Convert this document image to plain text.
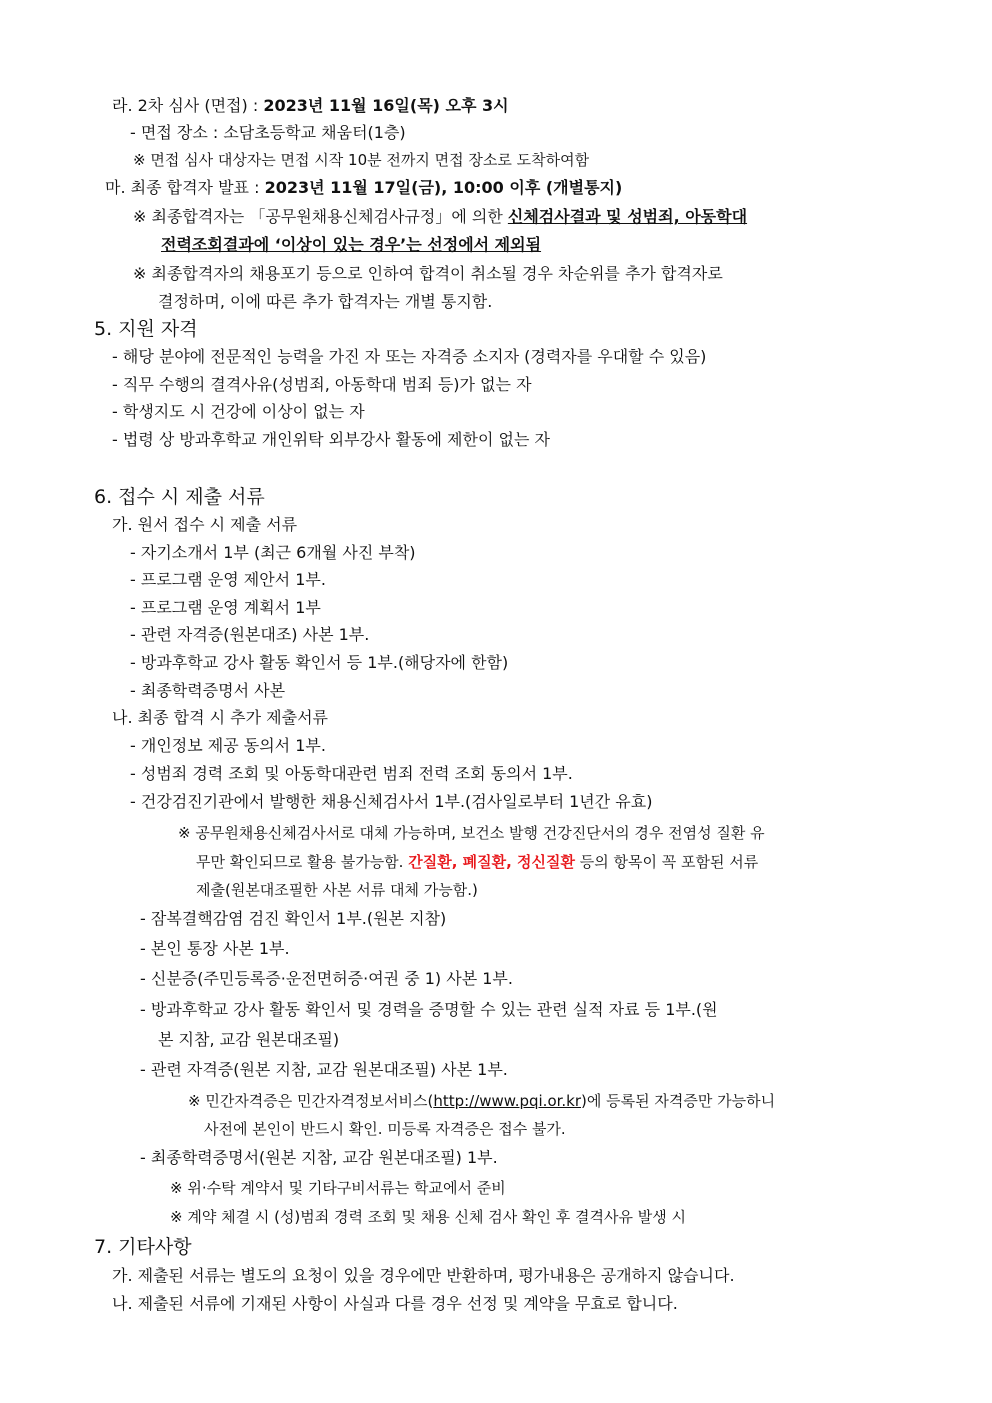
라. 2차 심사 (면접) : 2023년 11월 16일(목) 오후 3시
- 면접 장소 : 소담초등학교 채움터(1층)
※ 면접 심사 대상자는 면접 시작 10분 전까지 면접 장소로 도착하여함
마. 최종 합격자 발표 : 2023년 11월 17일(금), 10:00 이후 (개별통지)
※ 최종합격자는 「공무원채용신체검사규정」에 의한 신체검사결과 및 성범죄, 아동학대
전력조회결과에 ‘이상이 있는 경우’는 선정에서 제외됨
※ 최종합격자의 채용포기 등으로 인하여 합격이 취소될 경우 차순위를 추가 합격자로
결정하며, 이에 따른 추가 합격자는 개별 통지함.
5. 지원 자격
- 해당 분야에 전문적인 능력을 가진 자 또는 자격증 소지자 (경력자를 우대할 수 있음)
- 직무 수행의 결격사유(성범죄, 아동학대 범죄 등)가 없는 자
- 학생지도 시 건강에 이상이 없는 자
- 법령 상 방과후학교 개인위탁 외부강사 활동에 제한이 없는 자
6. 접수 시 제출 서류
가. 원서 접수 시 제출 서류
- 자기소개서 1부 (최근 6개월 사진 부착)
- 프로그램 운영 제안서 1부.
- 프로그램 운영 계획서 1부
- 관련 자격증(원본대조) 사본 1부.
- 방과후학교 강사 활동 확인서 등 1부.(해당자에 한함)
- 최종학력증명서 사본
나. 최종 합격 시 추가 제출서류
- 개인정보 제공 동의서 1부.
- 성범죄 경력 조회 및 아동학대관련 범죄 전력 조회 동의서 1부.
- 건강검진기관에서 발행한 채용신체검사서 1부.(검사일로부터 1년간 유효)
※ 공무원채용신체검사서로 대체 가능하며, 보건소 발행 건강진단서의 경우 전염성 질환 유
무만 확인되므로 활용 불가능함. 간질환, 폐질환, 정신질환 등의 항목이 꼭 포함된 서류
제출(원본대조필한 사본 서류 대체 가능함.)
- 잠복결핵감염 검진 확인서 1부.(원본 지참)
- 본인 통장 사본 1부.
- 신분증(주민등록증·운전면허증·여권 중 1) 사본 1부.
- 방과후학교 강사 활동 확인서 및 경력을 증명할 수 있는 관련 실적 자료 등 1부.(원
본 지참, 교감 원본대조필)
- 관련 자격증(원본 지참, 교감 원본대조필) 사본 1부.
※ 민간자격증은 민간자격정보서비스(http://www.pqi.or.kr)에 등록된 자격증만 가능하니
사전에 본인이 반드시 확인. 미등록 자격증은 접수 불가.
- 최종학력증명서(원본 지참, 교감 원본대조필) 1부.
※ 위·수탁 계약서 및 기타구비서류는 학교에서 준비
※ 계약 체결 시 (성)범죄 경력 조회 및 채용 신체 검사 확인 후 결격사유 발생 시
7. 기타사항
가. 제출된 서류는 별도의 요청이 있을 경우에만 반환하며, 평가내용은 공개하지 않습니다.
나. 제출된 서류에 기재된 사항이 사실과 다를 경우 선정 및 계약을 무효로 합니다.
